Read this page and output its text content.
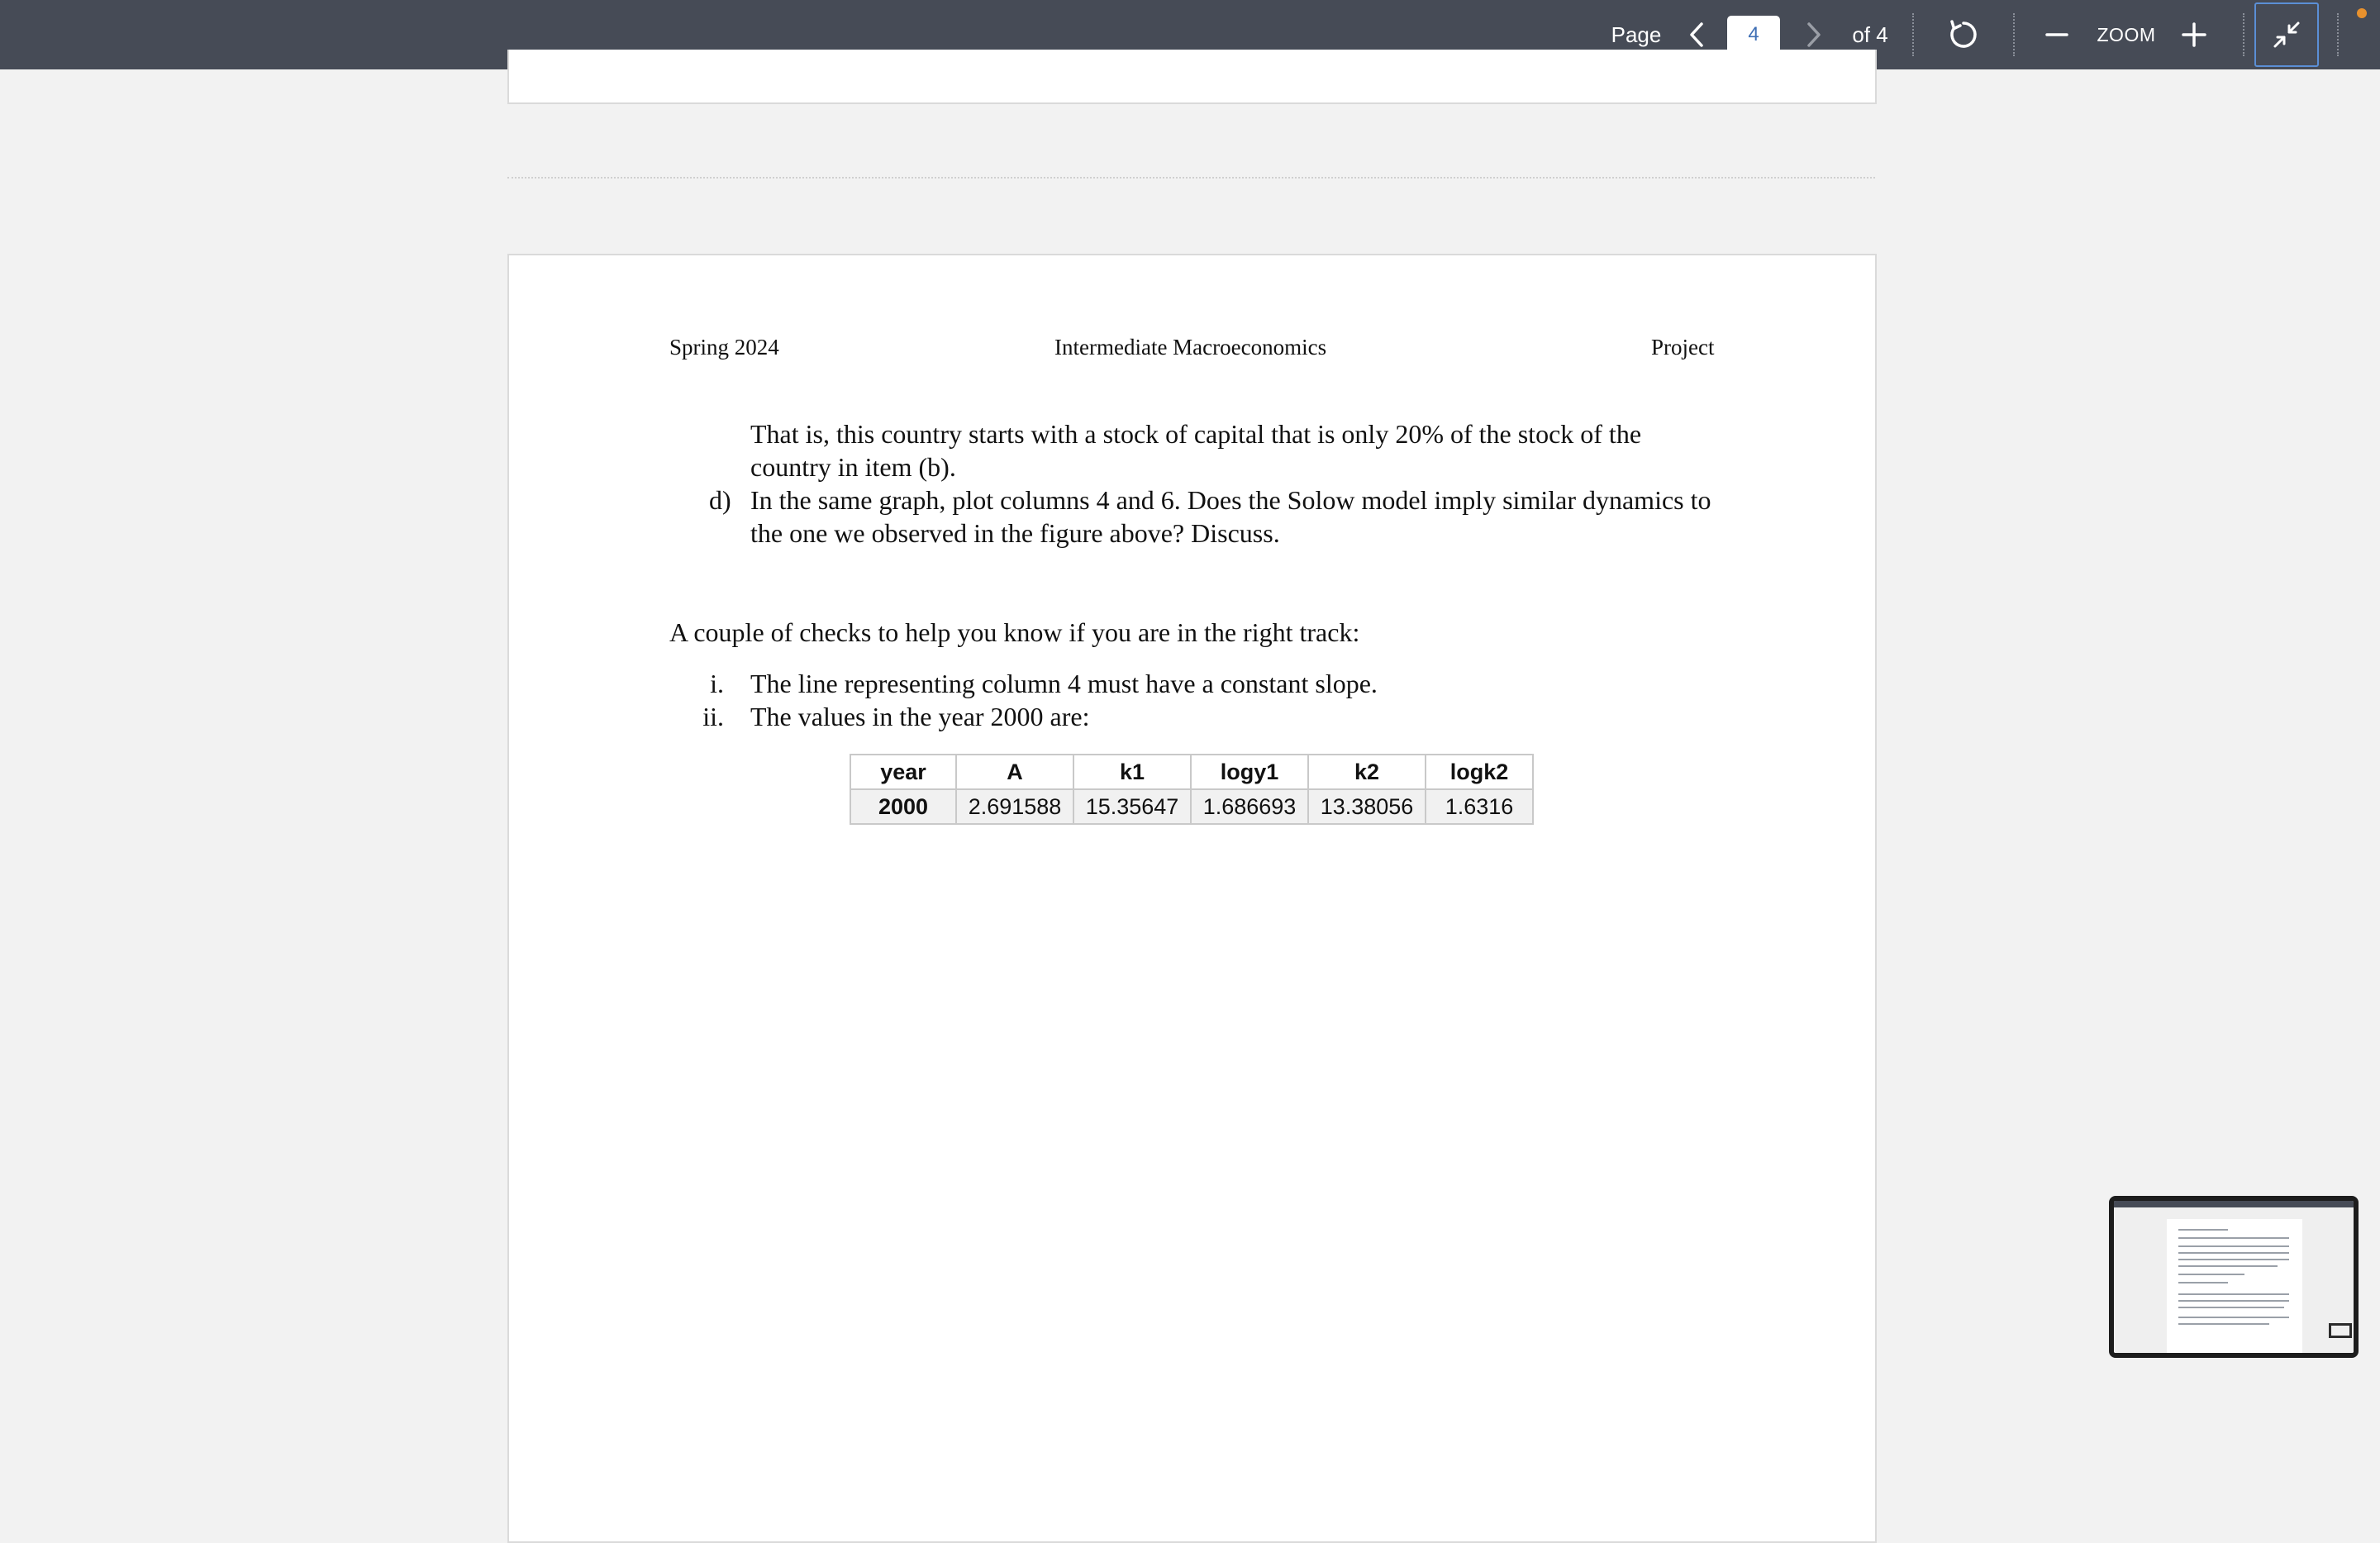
Page
4	of 4	ZOOM
Spring 2024	Intermediate Macroeconomics	Project
That is, this country starts with a stock of capital that is only 20% of the stock of the country in item (b).
d) In the same graph, plot columns 4 and 6. Does the Solow model imply similar dynamics to the one we observed in the figure above? Discuss.
A couple of checks to help you know if you are in the right track:
i. The line representing column 4 must have a constant slope.
ii. The values in the year 2000 are:
year	A	k1	logy1	k2	logk2
2000	2.691588	15.35647	1.686693	13.38056	1.6316
